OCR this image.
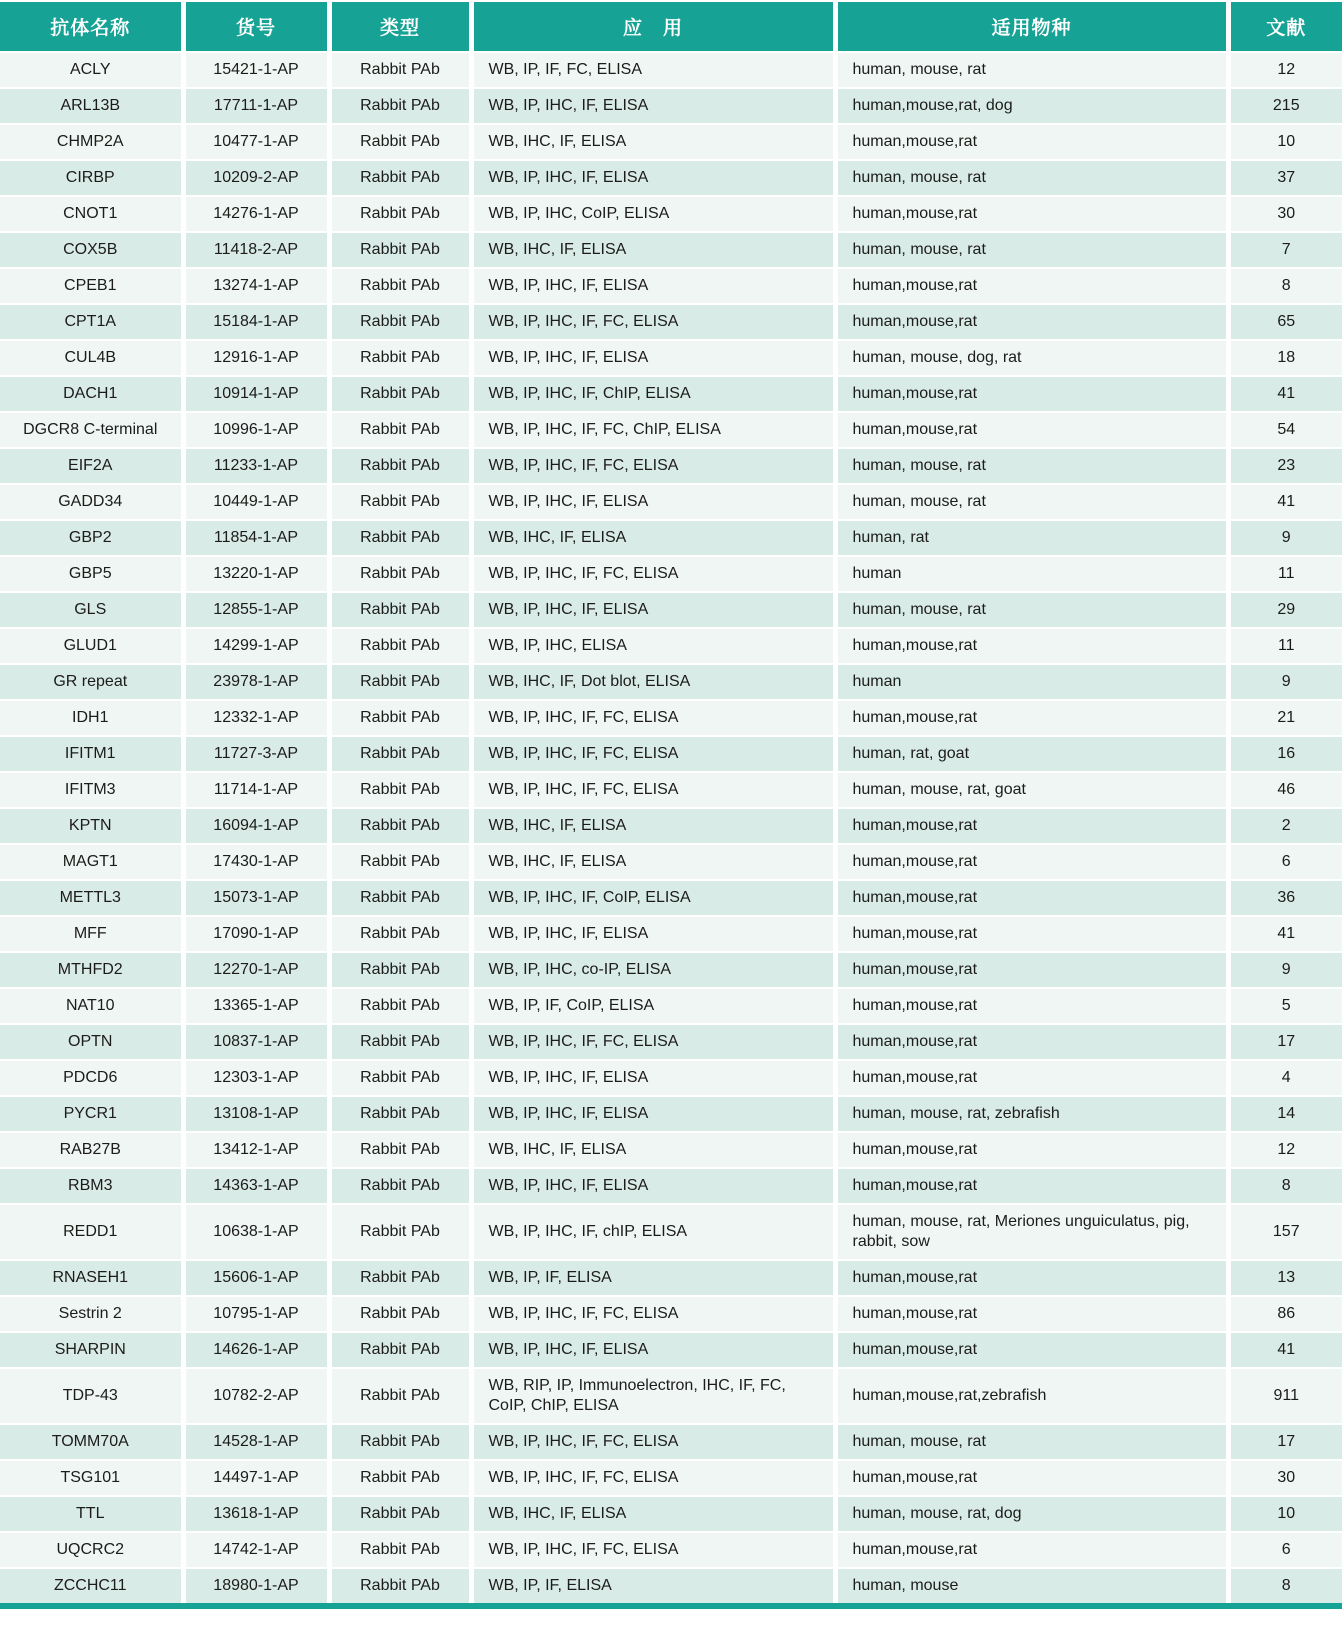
抗体名称	货号	类型	应　用	适用物种	文献
ACLY	15421-1-AP	Rabbit PAb	WB, IP, IF, FC, ELISA	human, mouse, rat	12
ARL13B	17711-1-AP	Rabbit PAb	WB, IP, IHC, IF, ELISA	human,mouse,rat, dog	215
CHMP2A	10477-1-AP	Rabbit PAb	WB, IHC, IF, ELISA	human,mouse,rat	10
CIRBP	10209-2-AP	Rabbit PAb	WB, IP, IHC, IF, ELISA	human, mouse, rat	37
CNOT1	14276-1-AP	Rabbit PAb	WB, IP, IHC, CoIP, ELISA	human,mouse,rat	30
COX5B	11418-2-AP	Rabbit PAb	WB, IHC, IF, ELISA	human, mouse, rat	7
CPEB1	13274-1-AP	Rabbit PAb	WB, IP, IHC, IF, ELISA	human,mouse,rat	8
CPT1A	15184-1-AP	Rabbit PAb	WB, IP, IHC, IF, FC, ELISA	human,mouse,rat	65
CUL4B	12916-1-AP	Rabbit PAb	WB, IP, IHC, IF, ELISA	human, mouse, dog, rat	18
DACH1	10914-1-AP	Rabbit PAb	WB, IP, IHC, IF, ChIP, ELISA	human,mouse,rat	41
DGCR8 C-terminal	10996-1-AP	Rabbit PAb	WB, IP, IHC, IF, FC, ChIP, ELISA	human,mouse,rat	54
EIF2A	11233-1-AP	Rabbit PAb	WB, IP, IHC, IF, FC, ELISA	human, mouse, rat	23
GADD34	10449-1-AP	Rabbit PAb	WB, IP, IHC, IF, ELISA	human, mouse, rat	41
GBP2	11854-1-AP	Rabbit PAb	WB, IHC, IF, ELISA	human, rat	9
GBP5	13220-1-AP	Rabbit PAb	WB, IP, IHC, IF, FC, ELISA	human	11
GLS	12855-1-AP	Rabbit PAb	WB, IP, IHC, IF, ELISA	human, mouse, rat	29
GLUD1	14299-1-AP	Rabbit PAb	WB, IP, IHC, ELISA	human,mouse,rat	11
GR repeat	23978-1-AP	Rabbit PAb	WB, IHC, IF, Dot blot, ELISA	human	9
IDH1	12332-1-AP	Rabbit PAb	WB, IP, IHC, IF, FC, ELISA	human,mouse,rat	21
IFITM1	11727-3-AP	Rabbit PAb	WB, IP, IHC, IF, FC, ELISA	human, rat, goat	16
IFITM3	11714-1-AP	Rabbit PAb	WB, IP, IHC, IF, FC, ELISA	human, mouse, rat, goat	46
KPTN	16094-1-AP	Rabbit PAb	WB, IHC, IF, ELISA	human,mouse,rat	2
MAGT1	17430-1-AP	Rabbit PAb	WB, IHC, IF, ELISA	human,mouse,rat	6
METTL3	15073-1-AP	Rabbit PAb	WB, IP, IHC, IF, CoIP, ELISA	human,mouse,rat	36
MFF	17090-1-AP	Rabbit PAb	WB, IP, IHC, IF, ELISA	human,mouse,rat	41
MTHFD2	12270-1-AP	Rabbit PAb	WB, IP, IHC, co-IP, ELISA	human,mouse,rat	9
NAT10	13365-1-AP	Rabbit PAb	WB, IP, IF, CoIP, ELISA	human,mouse,rat	5
OPTN	10837-1-AP	Rabbit PAb	WB, IP, IHC, IF, FC, ELISA	human,mouse,rat	17
PDCD6	12303-1-AP	Rabbit PAb	WB, IP, IHC, IF, ELISA	human,mouse,rat	4
PYCR1	13108-1-AP	Rabbit PAb	WB, IP, IHC, IF, ELISA	human, mouse, rat, zebrafish	14
RAB27B	13412-1-AP	Rabbit PAb	WB, IHC, IF, ELISA	human,mouse,rat	12
RBM3	14363-1-AP	Rabbit PAb	WB, IP, IHC, IF, ELISA	human,mouse,rat	8
REDD1	10638-1-AP	Rabbit PAb	WB, IP, IHC, IF, chIP, ELISA	human, mouse, rat, Meriones unguiculatus, pig, rabbit, sow	157
RNASEH1	15606-1-AP	Rabbit PAb	WB, IP, IF, ELISA	human,mouse,rat	13
Sestrin 2	10795-1-AP	Rabbit PAb	WB, IP, IHC, IF, FC, ELISA	human,mouse,rat	86
SHARPIN	14626-1-AP	Rabbit PAb	WB, IP, IHC, IF, ELISA	human,mouse,rat	41
TDP-43	10782-2-AP	Rabbit PAb	WB, RIP, IP, Immunoelectron, IHC, IF, FC, CoIP, ChIP, ELISA	human,mouse,rat,zebrafish	911
TOMM70A	14528-1-AP	Rabbit PAb	WB, IP, IHC, IF, FC, ELISA	human, mouse, rat	17
TSG101	14497-1-AP	Rabbit PAb	WB, IP, IHC, IF, FC, ELISA	human,mouse,rat	30
TTL	13618-1-AP	Rabbit PAb	WB, IHC, IF, ELISA	human, mouse, rat, dog	10
UQCRC2	14742-1-AP	Rabbit PAb	WB, IP, IHC, IF, FC, ELISA	human,mouse,rat	6
ZCCHC11	18980-1-AP	Rabbit PAb	WB, IP, IF, ELISA	human, mouse	8
